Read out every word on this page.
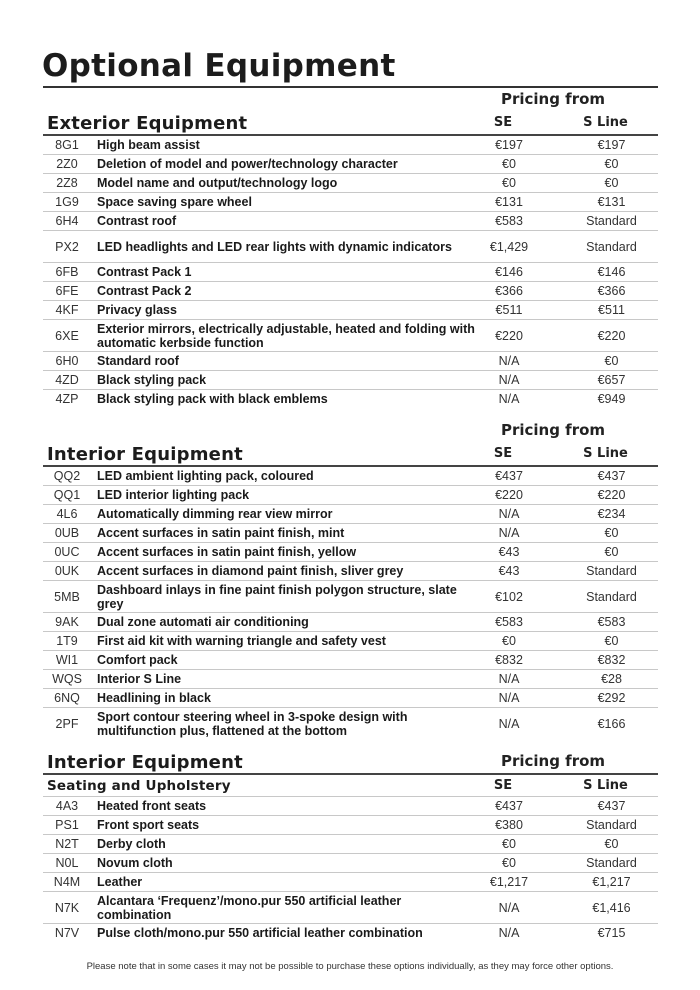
Optional Equipment
Pricing from
Exterior Equipment	SE	S Line
8G1	High beam assist	€197	€197
2Z0	Deletion of model and power/technology character	€0	€0
2Z8	Model name and output/technology logo	€0	€0
1G9	Space saving spare wheel	€131	€131
6H4	Contrast roof	€583	Standard
PX2	LED headlights and LED rear lights with dynamic indicators	€1,429	Standard
6FB	Contrast Pack 1	€146	€146
6FE	Contrast Pack 2	€366	€366
4KF	Privacy glass	€511	€511
6XE	Exterior mirrors, electrically adjustable, heated and folding with automatic kerbside function	€220	€220
6H0	Standard roof	N/A	€0
4ZD	Black styling pack	N/A	€657
4ZP	Black styling pack with black emblems	N/A	€949
Pricing from
Interior Equipment	SE	S Line
QQ2	LED ambient lighting pack, coloured	€437	€437
QQ1	LED interior lighting pack	€220	€220
4L6	Automatically dimming rear view mirror	N/A	€234
0UB	Accent surfaces in satin paint finish, mint	N/A	€0
0UC	Accent surfaces in satin paint finish, yellow	€43	€0
0UK	Accent surfaces in diamond paint finish, sliver grey	€43	Standard
5MB	Dashboard inlays in fine paint finish polygon structure, slate grey	€102	Standard
9AK	Dual zone automati air conditioning	€583	€583
1T9	First aid kit with warning triangle and safety vest	€0	€0
WI1	Comfort pack	€832	€832
WQS	Interior S Line	N/A	€28
6NQ	Headlining in black	N/A	€292
2PF	Sport contour steering wheel in 3-spoke design with multifunction plus, flattened at the bottom	N/A	€166
Interior Equipment	Pricing from
Seating and Upholstery	SE	S Line
4A3	Heated front seats	€437	€437
PS1	Front sport seats	€380	Standard
N2T	Derby cloth	€0	€0
N0L	Novum cloth	€0	Standard
N4M	Leather	€1,217	€1,217
N7K	Alcantara ‘Frequenz’/mono.pur 550 artificial leather combination	N/A	€1,416
N7V	Pulse cloth/mono.pur 550 artificial leather combination	N/A	€715
Please note that in some cases it may not be possible to purchase these options individually, as they may force other options.
